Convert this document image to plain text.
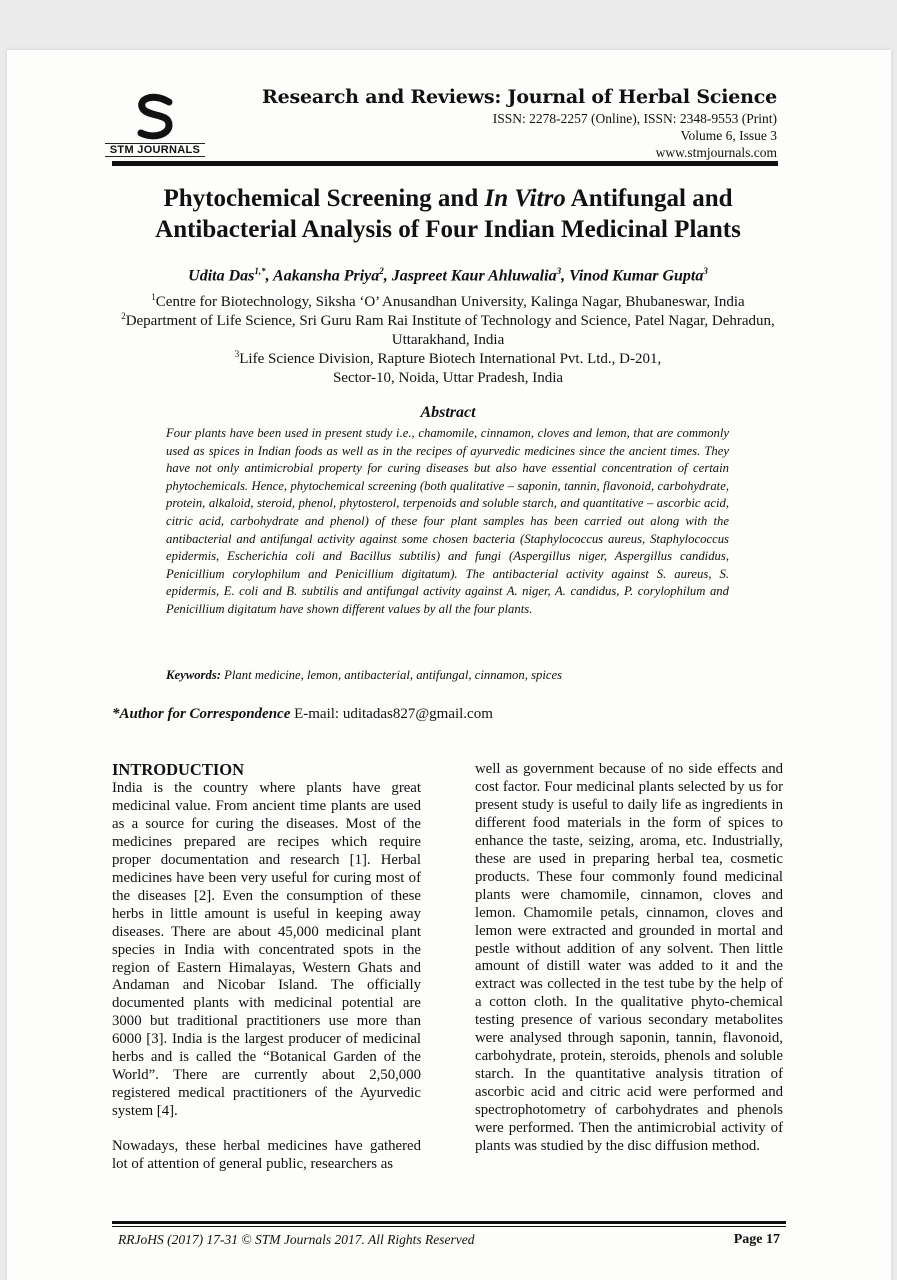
STM JOURNALS
Research and Reviews: Journal of Herbal Science
ISSN: 2278-2257 (Online), ISSN: 2348-9553 (Print)
Volume 6, Issue 3
www.stmjournals.com
Phytochemical Screening and In Vitro Antifungal and Antibacterial Analysis of Four Indian Medicinal Plants
Udita Das$^{1,*}$, Aakansha Priya$^2$, Jaspreet Kaur Ahluwalia$^3$, Vinod Kumar Gupta$^3$
$^1$Centre for Biotechnology, Siksha ‘O’ Anusandhan University, Kalinga Nagar, Bhubaneswar, India
$^2$Department of Life Science, Sri Guru Ram Rai Institute of Technology and Science, Patel Nagar, Dehradun, Uttarakhand, India
$^3$Life Science Division, Rapture Biotech International Pvt. Ltd., D-201, Sector-10, Noida, Uttar Pradesh, India
Abstract
Four plants have been used in present study i.e., chamomile, cinnamon, cloves and lemon, that are commonly used as spices in Indian foods as well as in the recipes of ayurvedic medicines since the ancient times. They have not only antimicrobial property for curing diseases but also have essential concentration of certain phytochemicals. Hence, phytochemical screening (both qualitative – saponin, tannin, flavonoid, carbohydrate, protein, alkaloid, steroid, phenol, phytosterol, terpenoids and soluble starch, and quantitative – ascorbic acid, citric acid, carbohydrate and phenol) of these four plant samples has been carried out along with the antibacterial and antifungal activity against some chosen bacteria (Staphylococcus aureus, Staphylococcus epidermis, Escherichia coli and Bacillus subtilis) and fungi (Aspergillus niger, Aspergillus candidus, Penicillium corylophilum and Penicillium digitatum). The antibacterial activity against S. aureus, S. epidermis, E. coli and B. subtilis and antifungal activity against A. niger, A. candidus, P. corylophilum and Penicillium digitatum have shown different values by all the four plants.
Keywords: Plant medicine, lemon, antibacterial, antifungal, cinnamon, spices
*Author for Correspondence E-mail: uditadas827@gmail.com
INTRODUCTION

India is the country where plants have great medicinal value. From ancient time plants are used as a source for curing the diseases. Most of the medicines prepared are recipes which require proper documentation and research [1]. Herbal medicines have been very useful for curing most of the diseases [2]. Even the consumption of these herbs in little amount is useful in keeping away diseases. There are about 45,000 medicinal plant species in India with concentrated spots in the region of Eastern Himalayas, Western Ghats and Andaman and Nicobar Island. The officially documented plants with medicinal potential are 3000 but traditional practitioners use more than 6000 [3]. India is the largest producer of medicinal herbs and is called the “Botanical Garden of the World”. There are currently about 2,50,000 registered medical practitioners of the Ayurvedic system [4].

Nowadays, these herbal medicines have gathered lot of attention of general public, researchers as

well as government because of no side effects and cost factor. Four medicinal plants selected by us for present study is useful to daily life as ingredients in different food materials in the form of spices to enhance the taste, seizing, aroma, etc. Industrially, these are used in preparing herbal tea, cosmetic products. These four commonly found medicinal plants were chamomile, cinnamon, cloves and lemon. Chamomile petals, cinnamon, cloves and lemon were extracted and grounded in mortal and pestle without addition of any solvent. Then little amount of distill water was added to it and the extract was collected in the test tube by the help of a cotton cloth. In the qualitative phyto-chemical testing presence of various secondary metabolites were analysed through saponin, tannin, flavonoid, carbohydrate, protein, steroids, phenols and soluble starch. In the quantitative analysis titration of ascorbic acid and citric acid were performed and spectrophotometry of carbohydrates and phenols were performed. Then the antimicrobial activity of plants was studied by the disc diffusion method.

RRJoHS (2017) 17-31 © STM Journals 2017. All Rights Reserved	Page 17
